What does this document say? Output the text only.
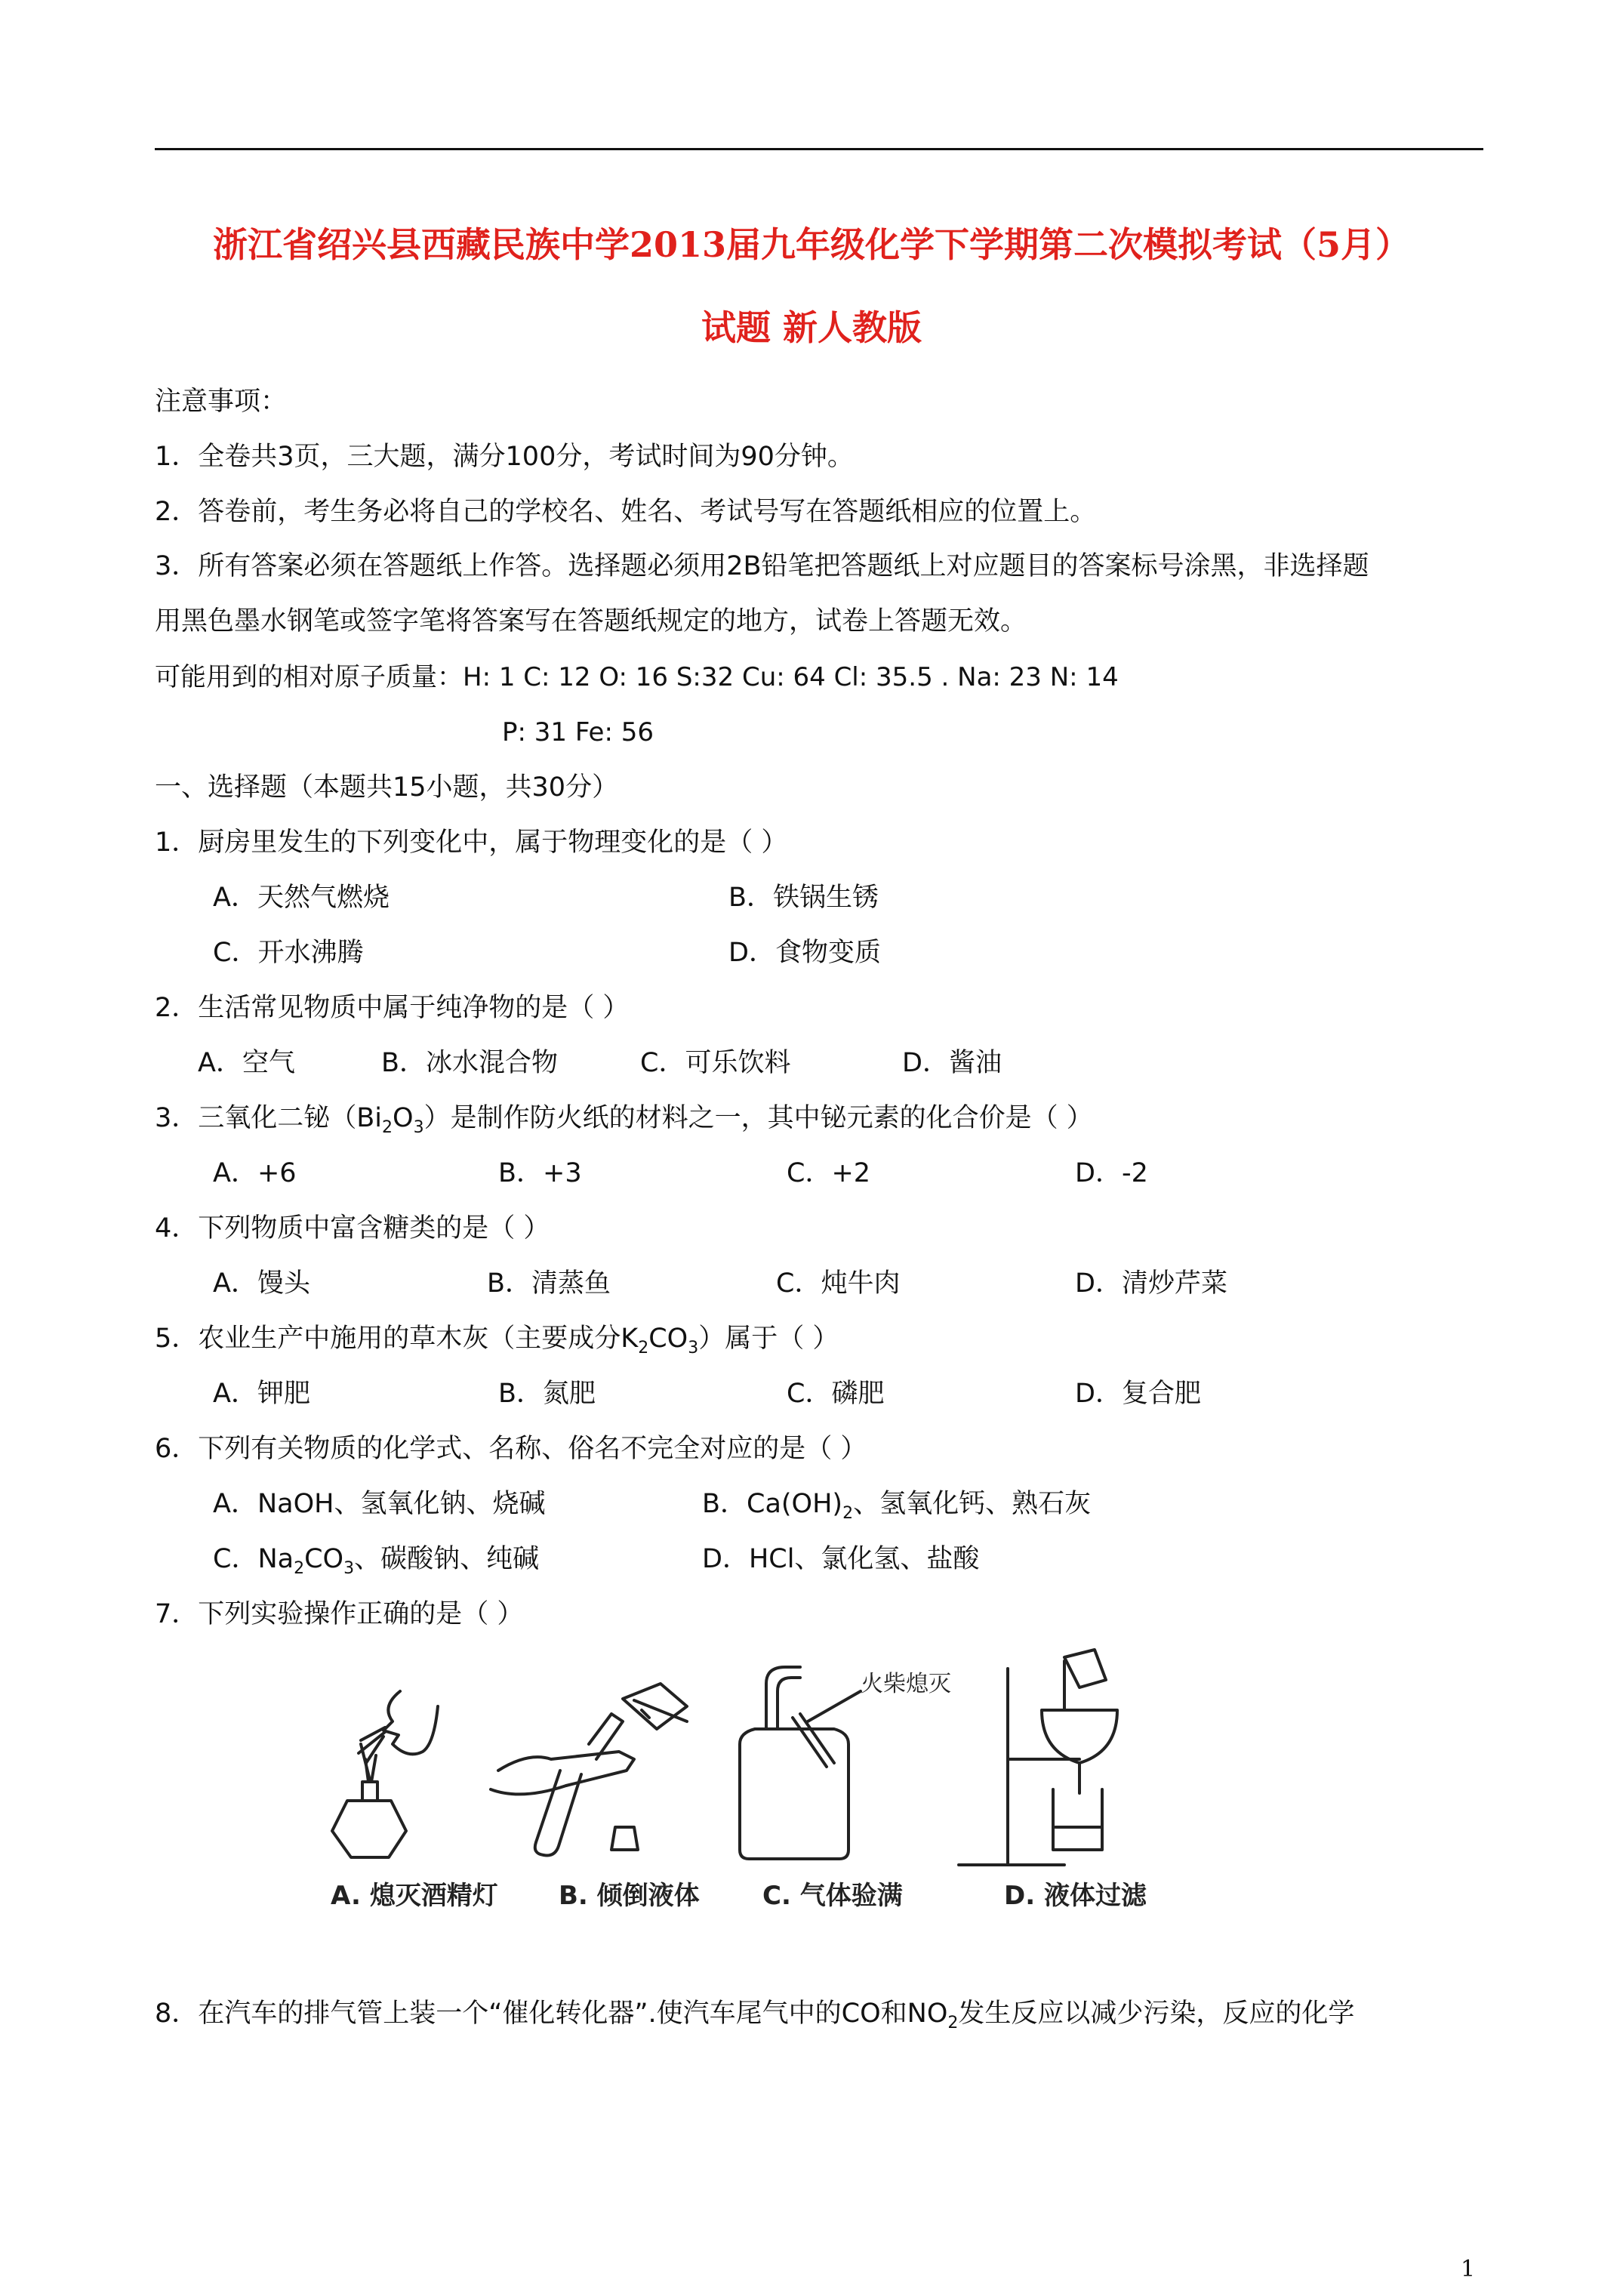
浙江省绍兴县西藏民族中学2013届九年级化学下学期第二次模拟考试（5月）
试题 新人教版
注意事项：
1．全卷共3页，三大题，满分100分，考试时间为90分钟。
2．答卷前，考生务必将自己的学校名、姓名、考试号写在答题纸相应的位置上。
3．所有答案必须在答题纸上作答。选择题必须用2B铅笔把答题纸上对应题目的答案标号涂黑，非选择题
用黑色墨水钢笔或签字笔将答案写在答题纸规定的地方，试卷上答题无效。
可能用到的相对原子质量：H: 1 C: 12 O: 16 S:32 Cu: 64 Cl: 35.5 . Na: 23 N: 14
P: 31 Fe: 56
一、选择题（本题共15小题，共30分）
1．厨房里发生的下列变化中，属于物理变化的是（ ）
A．天然气燃烧	B．铁锅生锈
C．开水沸腾	D．食物变质
2．生活常见物质中属于纯净物的是（ ）
A．空气	B．冰水混合物	C．可乐饮料	D．酱油
3．三氧化二铋$(Bi_2O_3)$是制作防火纸的材料之一，其中铋元素的化合价是（ ）
A．+6	B．+3	C．+2	D．-2
4．下列物质中富含糖类的是（ ）
A．馒头	B．清蒸鱼	C．炖牛肉	D．清炒芹菜
5．农业生产中施用的草木灰（主要成分$K_2CO_3$）属于（ ）
A．钾肥	B．氮肥	C．磷肥	D．复合肥
6．下列有关物质的化学式、名称、俗名不完全对应的是（ ）
A．NaOH、氢氧化钠、烧碱	B．$Ca(OH)_2$、氢氧化钙、熟石灰
C．$Na_2CO_3$、碳酸钠、纯碱	D．HCl、氯化氢、盐酸
7．下列实验操作正确的是（ ）
A. 熄灭酒精灯 B. 倾倒液体 C. 气体验满	D. 液体过滤
火柴熄灭
8．在汽车的排气管上装一个“催化转化器”.使汽车尾气中的CO和$NO_2$发生反应以减少污染，反应的化学
1
